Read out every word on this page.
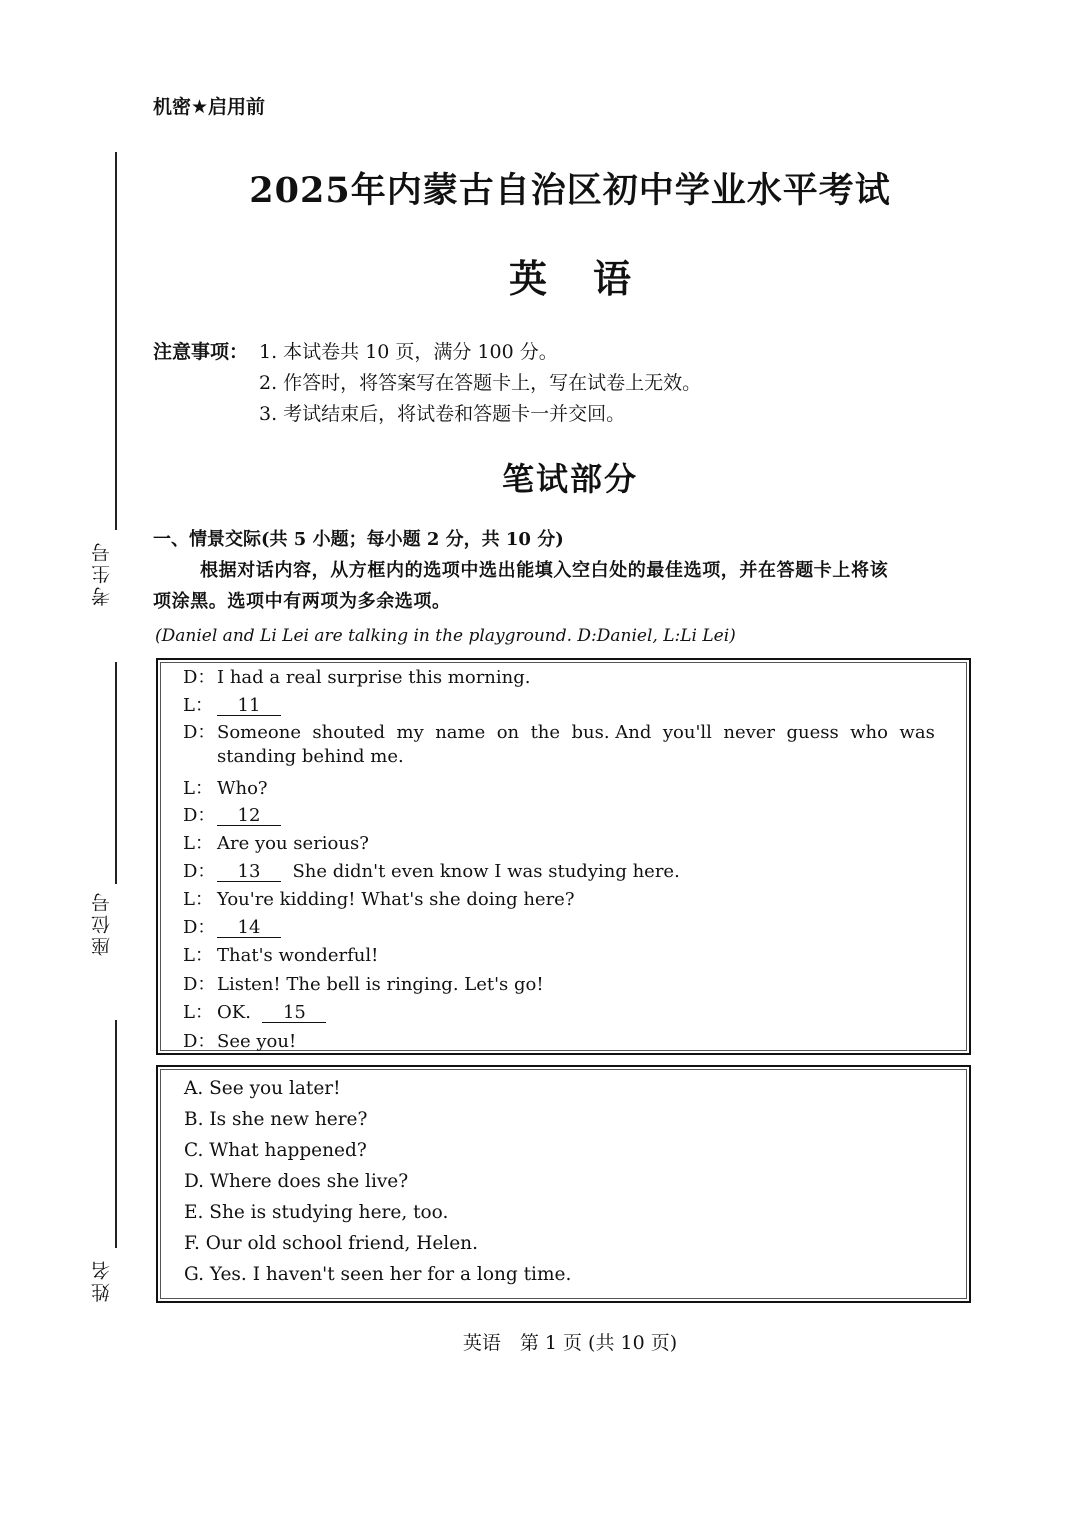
考生号
座位号
姓名
机密★启用前
2025年内蒙古自治区初中学业水平考试
英语
注意事项： 1. 本试卷共 10 页，满分 100 分。
2. 作答时，将答案写在答题卡上，写在试卷上无效。
3. 考试结束后，将试卷和答题卡一并交回。
笔试部分
一、情景交际(共 5 小题；每小题 2 分，共 10 分)
根据对话内容，从方框内的选项中选出能填入空白处的最佳选项，并在答题卡上将该
项涂黑。选项中有两项为多余选项。
(Daniel and Li Lei are talking in the playground. D:Daniel, L:Li Lei)
D：I had a real surprise this morning.
L： 11
D：Someone  shouted  my  name  on  the  bus. And  you'll  never  guess  who  was
standing behind me.
L： Who?
D： 12
L： Are you serious?
D： 13 She didn't even know I was studying here.
L： You're kidding! What's she doing here?
D： 14
L： That's wonderful!
D：Listen! The bell is ringing. Let's go!
L： OK. 15
D：See you!
A. See you later!
B. Is she new here?
C. What happened?
D. Where does she live?
E. She is studying here, too.
F. Our old school friend, Helen.
G. Yes. I haven't seen her for a long time.
英语　第 1 页 (共 10 页)
